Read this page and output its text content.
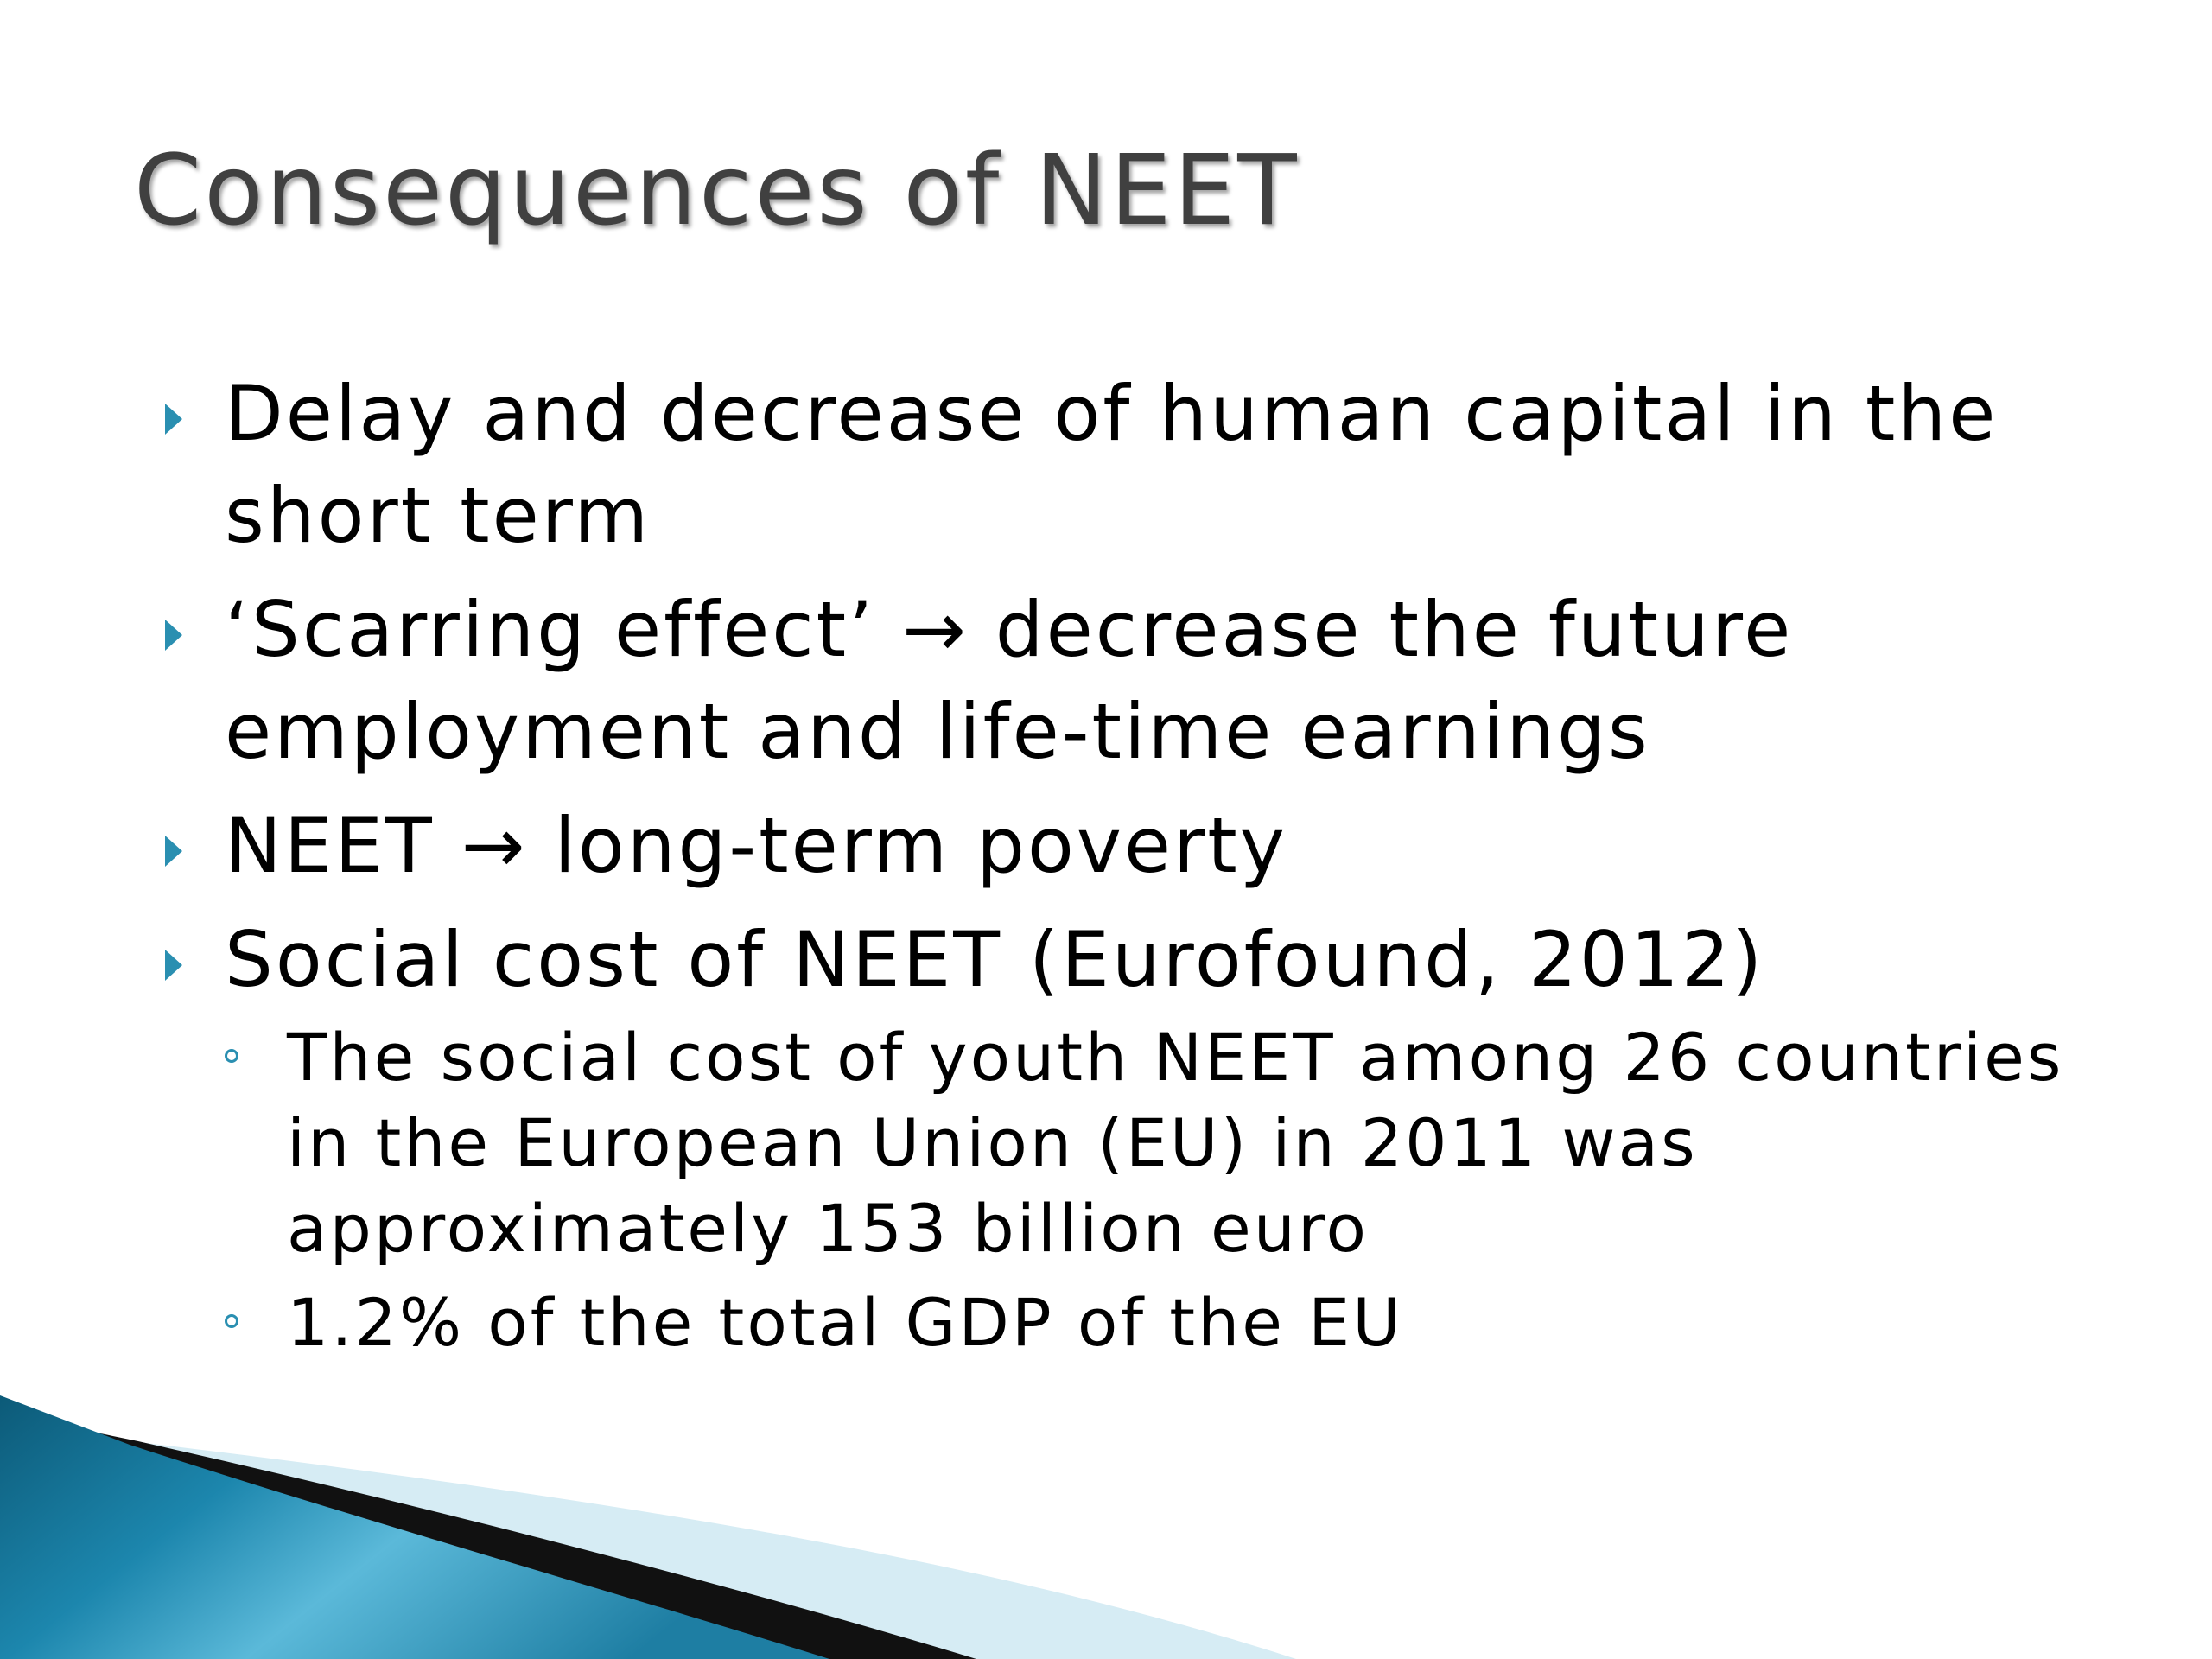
Consequences of NEET
Delay and decrease of human capital in the short term
‘Scarring effect’ → decrease the future employment and life-time earnings
NEET → long-term poverty
Social cost of NEET (Eurofound, 2012)
The social cost of youth NEET among 26 countries in the European Union (EU) in 2011 was approximately 153 billion euro
1.2% of the total GDP of the EU
